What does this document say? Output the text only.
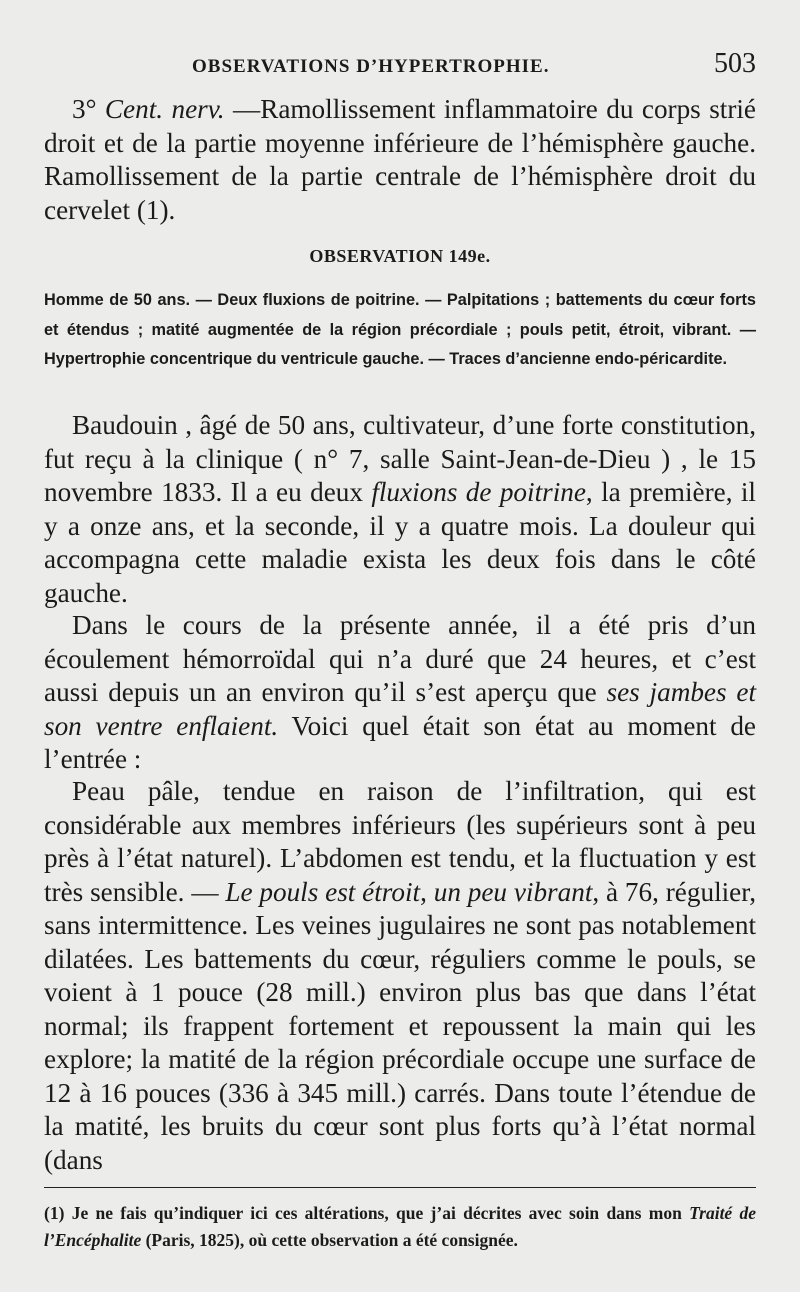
OBSERVATIONS D’HYPERTROPHIE.	503
3° Cent. nerv. —Ramollissement inflammatoire du corps strié droit et de la partie moyenne inférieure de l’hémisphère gauche. Ramollissement de la partie centrale de l’hémisphère droit du cervelet (1).
OBSERVATION 149e.
Homme de 50 ans. — Deux fluxions de poitrine. — Palpitations ; battements du cœur forts et étendus ; matité augmentée de la région précordiale ; pouls petit, étroit, vibrant. — Hypertrophie concentrique du ventricule gauche. — Traces d’ancienne endo-péricardite.
Baudouin , âgé de 50 ans, cultivateur, d’une forte constitution, fut reçu à la clinique ( n° 7, salle Saint-Jean-de-Dieu ) , le 15 novembre 1833. Il a eu deux fluxions de poitrine, la première, il y a onze ans, et la seconde, il y a quatre mois. La douleur qui accompagna cette maladie exista les deux fois dans le côté gauche.
Dans le cours de la présente année, il a été pris d’un écoulement hémorroïdal qui n’a duré que 24 heures, et c’est aussi depuis un an environ qu’il s’est aperçu que ses jambes et son ventre enflaient. Voici quel était son état au moment de l’entrée :
Peau pâle, tendue en raison de l’infiltration, qui est considérable aux membres inférieurs (les supérieurs sont à peu près à l’état naturel). L’abdomen est tendu, et la fluctuation y est très sensible. — Le pouls est étroit, un peu vibrant, à 76, régulier, sans intermittence. Les veines jugulaires ne sont pas notablement dilatées. Les battements du cœur, réguliers comme le pouls, se voient à 1 pouce (28 mill.) environ plus bas que dans l’état normal; ils frappent fortement et repoussent la main qui les explore; la matité de la région précordiale occupe une surface de 12 à 16 pouces (336 à 345 mill.) carrés. Dans toute l’étendue de la matité, les bruits du cœur sont plus forts qu’à l’état normal (dans
(1) Je ne fais qu’indiquer ici ces altérations, que j’ai décrites avec soin dans mon Traité de l’Encéphalite (Paris, 1825), où cette observation a été consignée.
